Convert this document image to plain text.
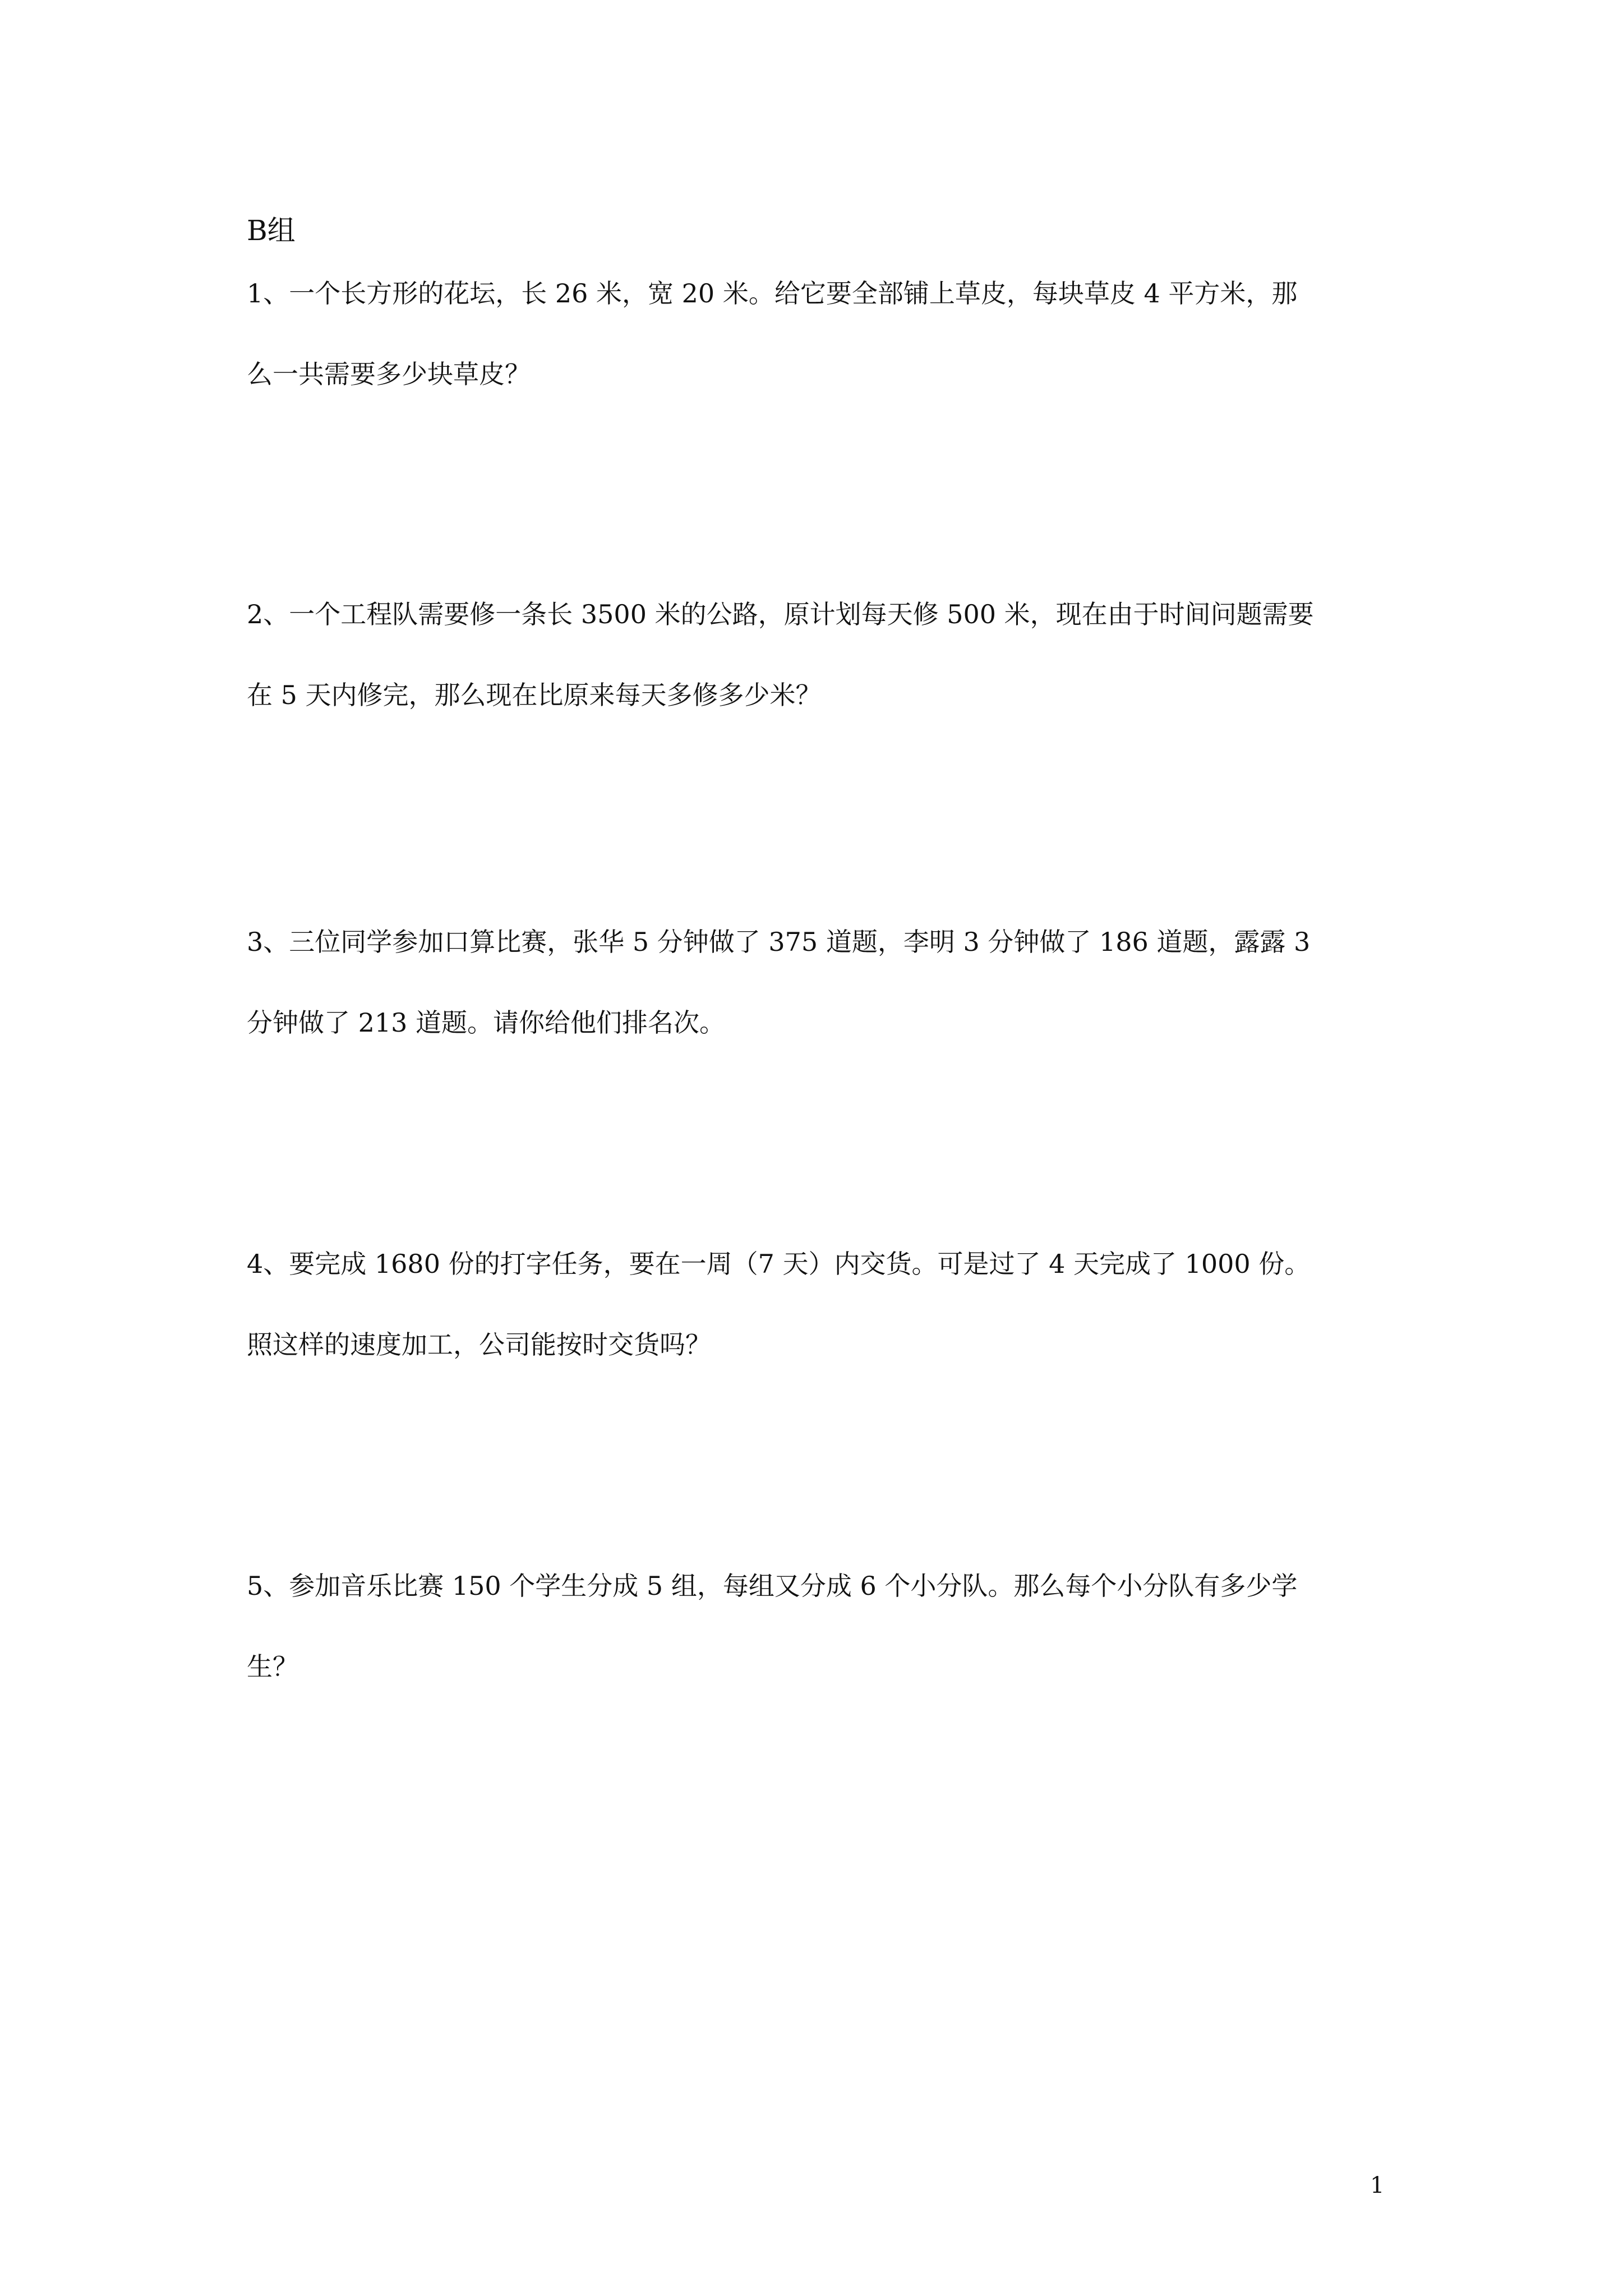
B组
1、一个长方形的花坛，长 26 米，宽 20 米。给它要全部铺上草皮，每块草皮 4 平方米，那
么一共需要多少块草皮？
2、一个工程队需要修一条长 3500 米的公路，原计划每天修 500 米，现在由于时间问题需要
在 5 天内修完，那么现在比原来每天多修多少米？
3、三位同学参加口算比赛，张华 5 分钟做了 375 道题，李明 3 分钟做了 186 道题，露露 3
分钟做了 213 道题。请你给他们排名次。
4、要完成 1680 份的打字任务，要在一周（7 天）内交货。可是过了 4 天完成了 1000 份。
照这样的速度加工，公司能按时交货吗？
5、参加音乐比赛 150 个学生分成 5 组，每组又分成 6 个小分队。那么每个小分队有多少学
生？
1
